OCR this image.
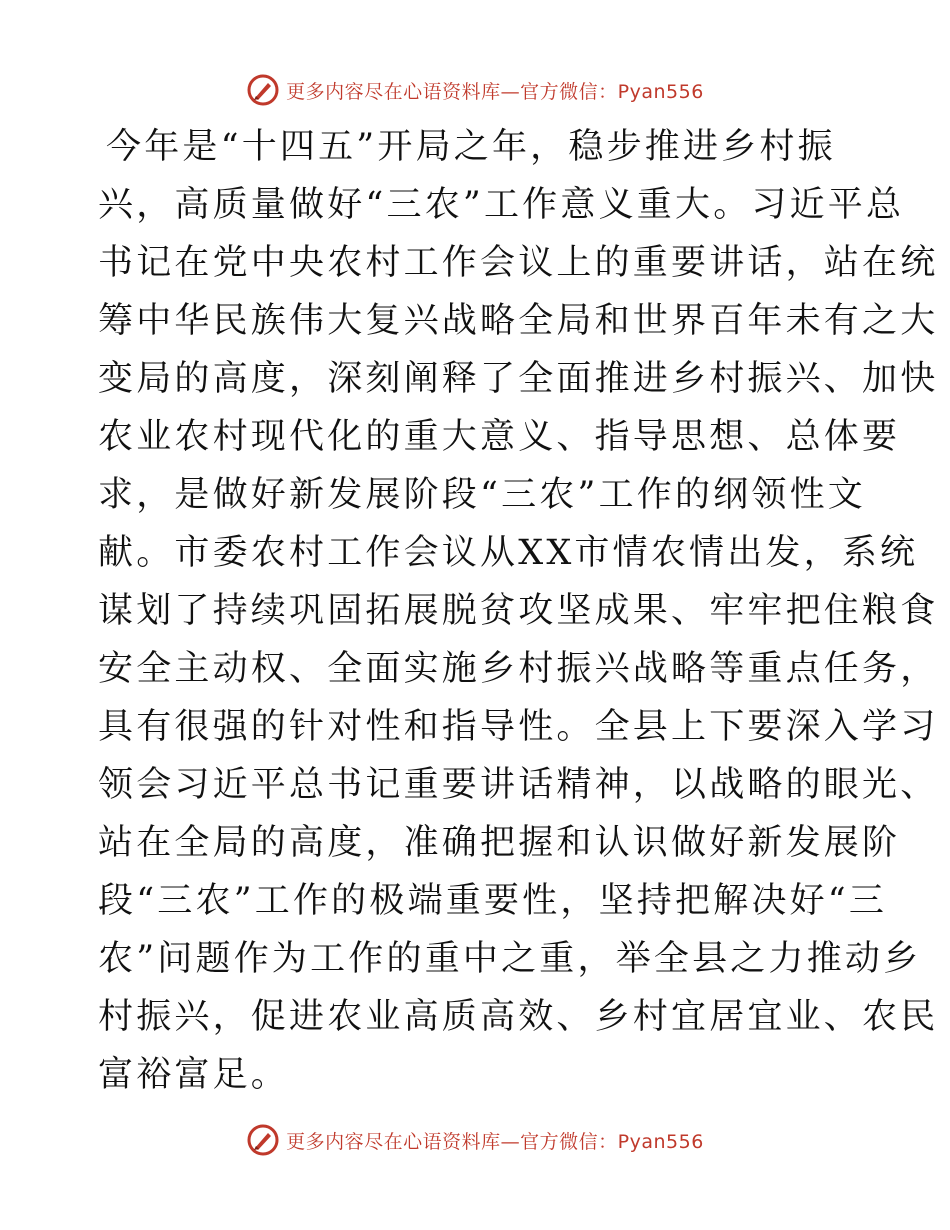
更多内容尽在心语资料库—官方微信：Pyan556
今年是“十四五”开局之年，稳步推进乡村振
兴，高质量做好“三农”工作意义重大。习近平总
书记在党中央农村工作会议上的重要讲话，站在统
筹中华民族伟大复兴战略全局和世界百年未有之大
变局的高度，深刻阐释了全面推进乡村振兴、加快
农业农村现代化的重大意义、指导思想、总体要
求，是做好新发展阶段“三农”工作的纲领性文
献。市委农村工作会议从XX市情农情出发，系统
谋划了持续巩固拓展脱贫攻坚成果、牢牢把住粮食
安全主动权、全面实施乡村振兴战略等重点任务，
具有很强的针对性和指导性。全县上下要深入学习
领会习近平总书记重要讲话精神，以战略的眼光、
站在全局的高度，准确把握和认识做好新发展阶
段“三农”工作的极端重要性，坚持把解决好“三
农”问题作为工作的重中之重，举全县之力推动乡
村振兴，促进农业高质高效、乡村宜居宜业、农民
富裕富足。
更多内容尽在心语资料库—官方微信：Pyan556
